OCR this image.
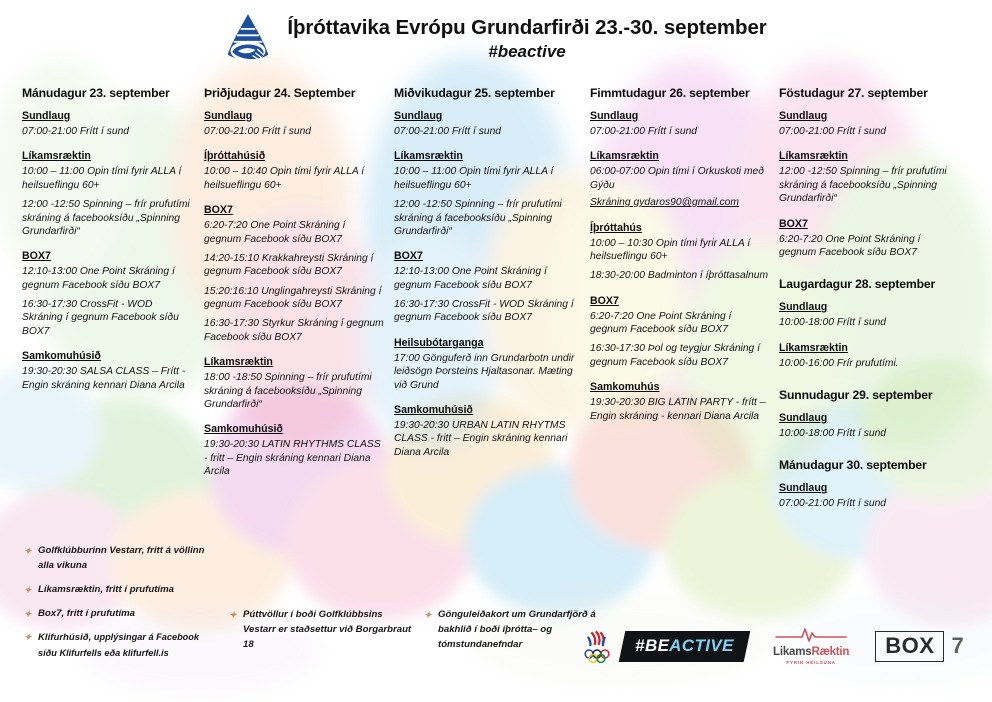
Íþróttavika Evrópu Grundarfirði 23.-30. september
#beactive
Mánudagur 23. september
Sundlaug
07:00-21:00 Frítt í sund
Líkamsræktin
10:00 – 11:00 Opin tími fyrir ALLA í heilsueflingu 60+
12:00 -12:50 Spinning – frír prufutími skráning á facebooksíðu „Spinning Grundarfirði“
BOX7
12:10-13:00 One Point Skráning í gegnum Facebook síðu BOX7
16:30-17:30 CrossFit - WOD Skráning í gegnum Facebook síðu BOX7
Samkomuhúsið
19:30-20:30 SALSA CLASS – Frítt - Engin skráning kennari Diana Arcila
Þriðjudagur 24. September
Sundlaug
07:00-21:00 Frítt í sund
Íþróttahúsið
10:00 – 10:40 Opin tími fyrir ALLA í heilsueflingu 60+
BOX7
6:20-7:20 One Point Skráning í gegnum Facebook síðu BOX7
14:20-15:10 Krakkahreysti Skráning í gegnum Facebook síðu BOX7
15:20:16:10 Unglingahreysti Skráning í gegnum Facebook síðu BOX7
16:30-17:30 Styrkur Skráning í gegnum Facebook síðu BOX7
Líkamsræktin
18:00 -18:50 Spinning – frír prufutími skráning á facebooksíðu „Spinning Grundarfirði“
Samkomuhúsið
19:30-20:30 LATIN RHYTHMS CLASS - fritt – Engin skráning kennari Diana Arcila
Miðvikudagur 25. september
Sundlaug
07:00-21:00 Frítt í sund
Líkamsræktin
10:00 – 11:00 Opin tími fyrir ALLA í heilsueflingu 60+
12:00 -12:50 Spinning – frír prufutími skráning á facebooksíðu „Spinning Grundarfirði“
BOX7
12:10-13:00 One Point Skráning í gegnum Facebook síðu BOX7
16:30-17:30 CrossFit - WOD Skráning í gegnum Facebook síðu BOX7
Heilsubótarganga
17:00 Gönguferð inn Grundarbotn undir leiðsögn Þorsteins Hjaltasonar. Mæting við Grund
Samkomuhúsið
19:30-20:30 URBAN LATIN RHYTMS CLASS - fritt – Engin skráning kennari Diana Arcila
Fimmtudagur 26. september
Sundlaug
07:00-21:00 Frítt í sund
Líkamsræktin
06:00-07:00 Opin tími í Orkuskoti með Gýðu
Skráning gydaros90@gmail.com
Íþróttahús
10:00 – 10:30 Opin tími fyrir ALLA í heilsueflingu 60+
18:30-20:00 Badminton í íþróttasalnum
BOX7
6:20-7:20 One Point Skráning í gegnum Facebook síðu BOX7
16:30-17:30 Þol og teygjur Skráning í gegnum Facebook síðu BOX7
Samkomuhús
19:30-20:30 BIG LATIN PARTY - frítt – Engin skráning - kennari Diana Arcila
Föstudagur 27. september
Sundlaug
07:00-21:00 Frítt í sund
Líkamsræktin
12:00 -12:50 Spinning – frír prufutími skráning á facebooksíðu „Spinning Grundarfirði“
BOX7
6:20-7:20 One Point Skráning í gegnum Facebook síðu BOX7
Laugardagur 28. september
Sundlaug
10:00-18:00 Frítt í sund
Líkamsræktin
10:00-16:00 Frír prufutími.
Sunnudagur 29. september
Sundlaug
10:00-18:00 Frítt í sund
Mánudagur 30. september
Sundlaug
07:00-21:00 Frítt í sund
✦ Golfklúbburinn Vestarr, fritt á völlinn alla vikuna
✦ Líkamsræktin, fritt í prufutíma
✦ Box7, fritt í prufutíma
✦ Klifurhúsið, upplýsingar á Facebook síðu Klifurfells eða klifurfell.is
✦ Púttvöllur í boði Golfklúbbsins Vestarr er staðsettur við Borgarbraut 18
✦ Gönguleiðakort um Grundarfjörð á bakhlið í boði íþrótta– og tómstundanefndar	#BEACTIVE	LikamsRæktin
FYRIR HEILSUNA
BOX 7
